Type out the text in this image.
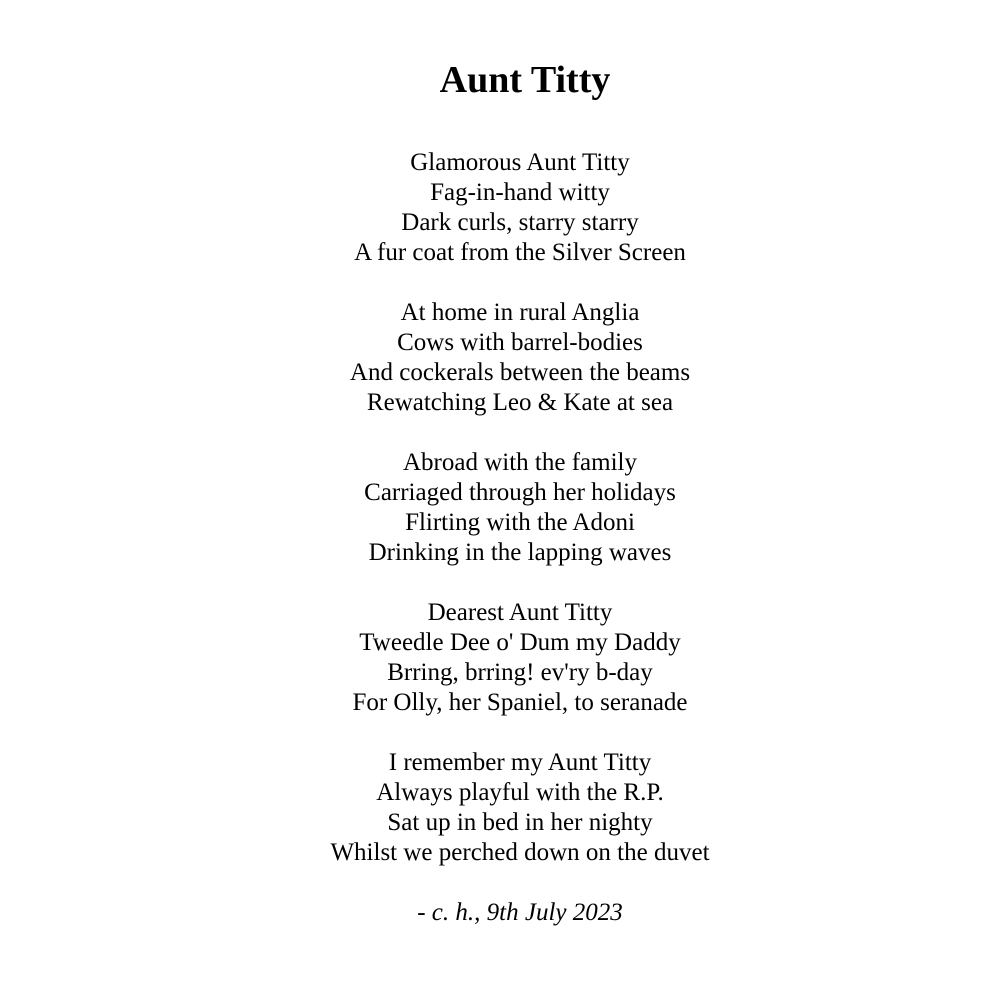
Aunt Titty
Glamorous Aunt Titty
Fag-in-hand witty
Dark curls, starry starry
A fur coat from the Silver Screen
At home in rural Anglia
Cows with barrel-bodies
And cockerals between the beams
Rewatching Leo & Kate at sea
Abroad with the family
Carriaged through her holidays
Flirting with the Adoni
Drinking in the lapping waves
Dearest Aunt Titty
Tweedle Dee o' Dum my Daddy
Brring, brring! ev'ry b-day
For Olly, her Spaniel, to seranade
I remember my Aunt Titty
Always playful with the R.P.
Sat up in bed in her nighty
Whilst we perched down on the duvet

- c. h., 9th July 2023
